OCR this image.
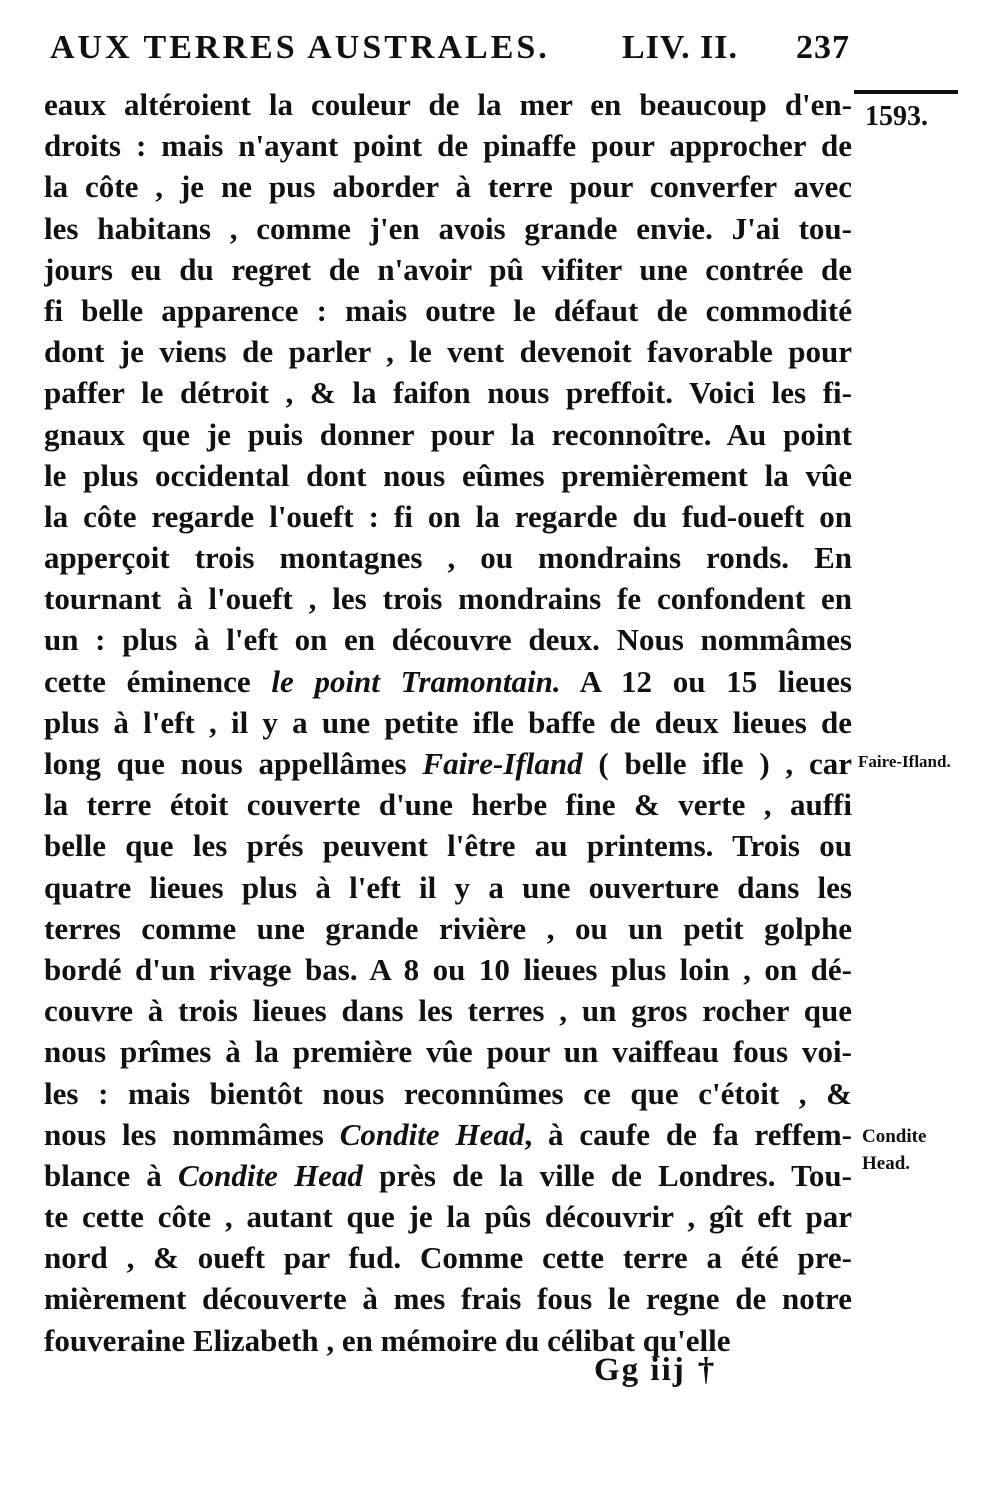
AUX TERRES AUSTRALES. LIV. II. 237
1593.
eaux altéroient la couleur de la mer en beaucoup d'en-
droits : mais n'ayant point de pinaffe pour approcher de
la côte , je ne pus aborder à terre pour converfer avec
les habitans , comme j'en avois grande envie. J'ai tou-
jours eu du regret de n'avoir pû vifiter une contrée de
fi belle apparence : mais outre le défaut de commodité
dont je viens de parler , le vent devenoit favorable pour
paffer le détroit , & la faifon nous preffoit. Voici les fi-
gnaux que je puis donner pour la reconnoître. Au point
le plus occidental dont nous eûmes premièrement la vûe
la côte regarde l'oueft : fi on la regarde du fud-oueft on
apperçoit trois montagnes , ou mondrains ronds. En
tournant à l'oueft , les trois mondrains fe confondent en
un : plus à l'eft on en découvre deux. Nous nommâmes
cette éminence le point Tramontain. A 12 ou 15 lieues
plus à l'eft , il y a une petite ifle baffe de deux lieues de
long que nous appellâmes Faire-Ifland ( belle ifle ) , car
la terre étoit couverte d'une herbe fine & verte , auffi
belle que les prés peuvent l'être au printems. Trois ou
quatre lieues plus à l'eft il y a une ouverture dans les
terres comme une grande rivière , ou un petit golphe
bordé d'un rivage bas. A 8 ou 10 lieues plus loin , on dé-
couvre à trois lieues dans les terres , un gros rocher que
nous prîmes à la première vûe pour un vaiffeau fous voi-
les : mais bientôt nous reconnûmes ce que c'étoit , &
nous les nommâmes Condite Head, à caufe de fa reffem-
blance à Condite Head près de la ville de Londres. Tou-
te cette côte , autant que je la pûs découvrir , gît eft par
nord , & oueft par fud. Comme cette terre a été pre-
mièrement découverte à mes frais fous le regne de notre
fouveraine Elizabeth , en mémoire du célibat qu'elle
Faire-Ifland.
Condite
Head.
Gg iij †
